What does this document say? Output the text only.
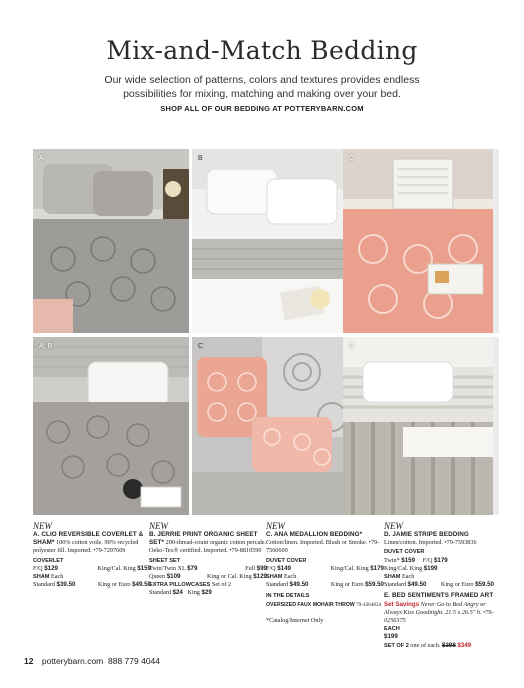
Mix-and-Match Bedding
Our wide selection of patterns, colors and textures provides endless possibilities for mixing, matching and making over your bed.
SHOP ALL OF OUR BEDDING AT POTTERYBARN.COM
A	B	C
A, B	C	D
NEW
A. CLIO REVERSIBLE COVERLET & SHAM* 100% cotton voile. 90% recycled polyester fill. Imported. •79-7297609
COVERLET
F/Q $129	King/Cal. King $159
SHAM Each
Standard $39.50	King or Euro $49.50
NEW
B. JERRIE PRINT ORGANIC SHEET SET* 200-thread-count organic cotton percale. Oeko-Tex® certified. Imported. •79-8810590
SHEET SET
Twin/Twin XL $79	Full $99
Queen $109	King or Cal. King $129
EXTRA PILLOWCASES Set of 2
Standard $24 King $29
NEW
C. ANA MEDALLION BEDDING* Cotton/linen. Imported. Blush or Smoke. •79-7560600
DUVET COVER
F/Q $149	King/Cal. King $179
SHAM Each
Standard $49.50	King or Euro $59.50
IN THE DETAILS
OVERSIZED FAUX MOHAIR THROW 79-4364824
*Catalog/Internet Only
NEW
D. JAMIE STRIPE BEDDING Linen/cotton. Imported. •79-7593836
DUVET COVER
Twin* $159 F/Q $179
King/Cal. King $199
SHAM Each
Standard $49.50 King or Euro $59.50
E. BED SENTIMENTS FRAMED ART
Set Savings Never Go to Bed Angry or Always Kiss Goodnight. 21.5 x 26.5" h. •79-0256375
EACH
$199
SET OF 2 one of each. $398 $349
12 potterybarn.com 888 779 4044
